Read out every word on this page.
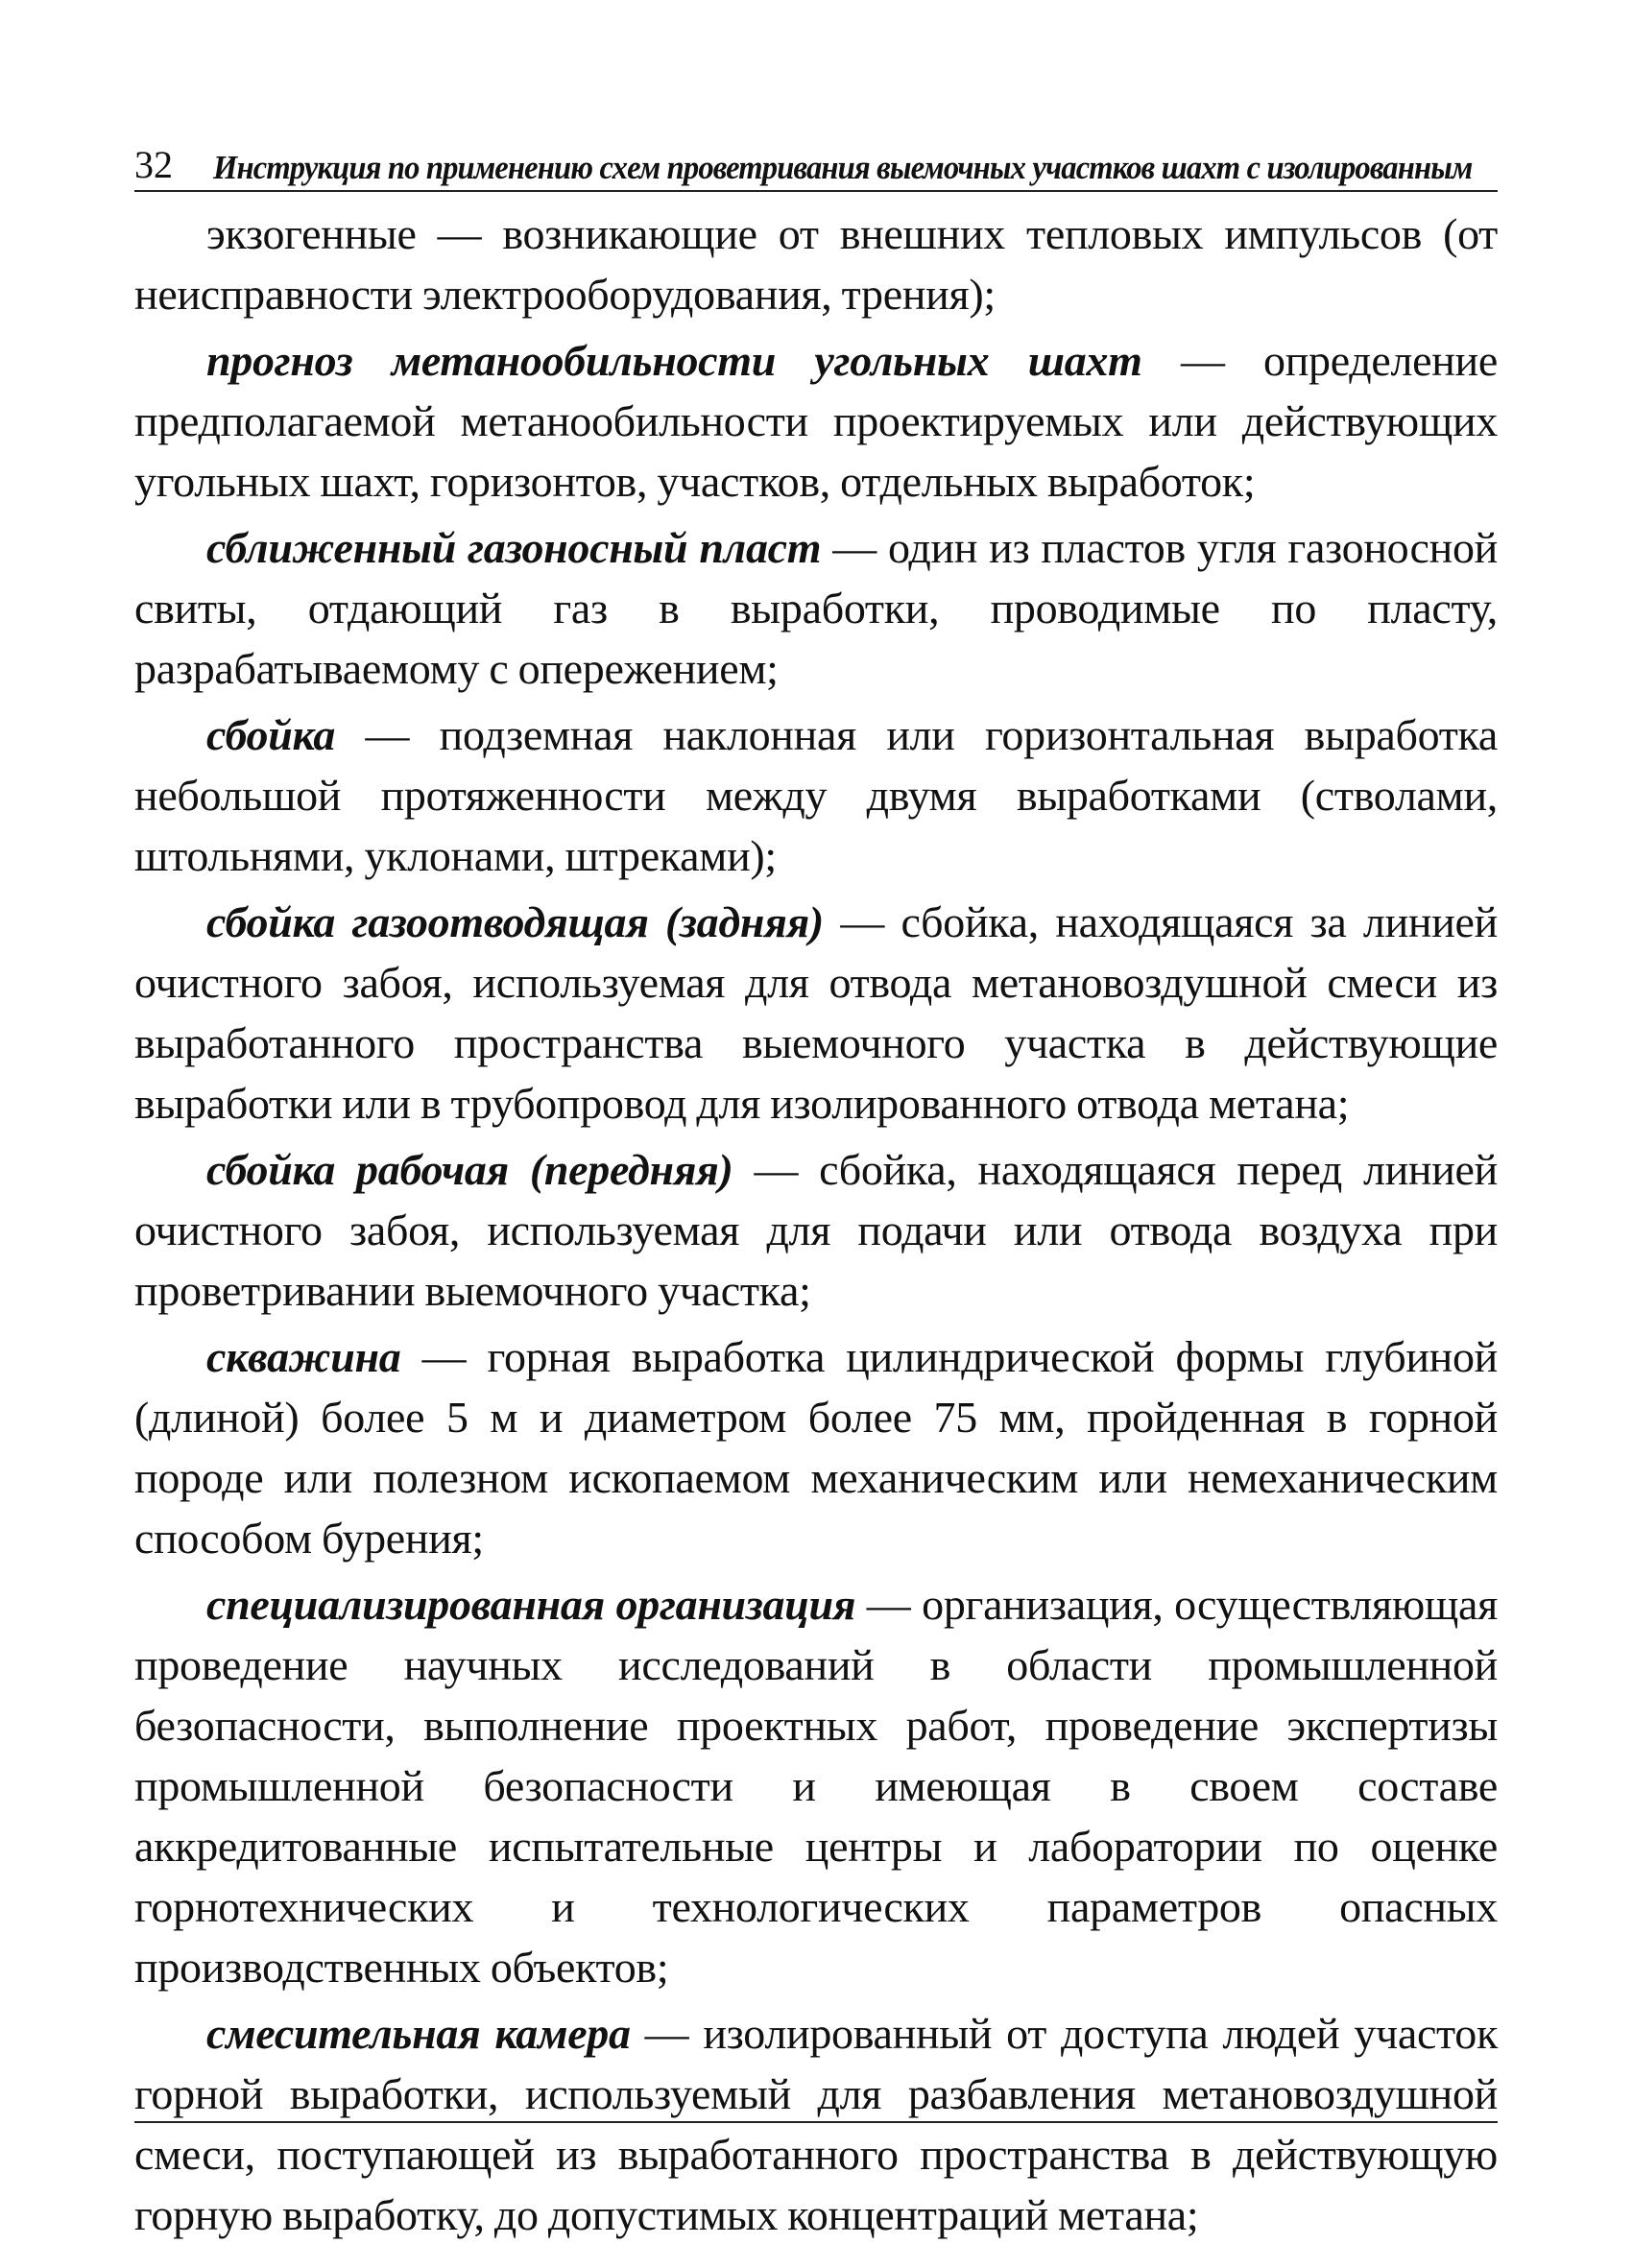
32 Инструкция по применению схем проветривания выемочных участков шахт с изолированным

экзогенные — возникающие от внешних тепловых импульсов (от неисправности электрооборудования, трения);

прогноз метанообильности угольных шахт — определение предполагаемой метанообильности проектируемых или действующих угольных шахт, горизонтов, участков, отдельных выработок;

сближенный газоносный пласт — один из пластов угля газоносной свиты, отдающий газ в выработки, проводимые по пласту, разрабатываемому с опережением;

сбойка — подземная наклонная или горизонтальная выработка небольшой протяженности между двумя выработками (стволами, штольнями, уклонами, штреками);

сбойка газоотводящая (задняя) — сбойка, находящаяся за линией очистного забоя, используемая для отвода метановоздушной смеси из выработанного пространства выемочного участка в действующие выработки или в трубопровод для изолированного отвода метана;

сбойка рабочая (передняя) — сбойка, находящаяся перед линией очистного забоя, используемая для подачи или отвода воздуха при проветривании выемочного участка;

скважина — горная выработка цилиндрической формы глубиной (длиной) более 5 м и диаметром более 75 мм, пройденная в горной породе или полезном ископаемом механическим или немеханическим способом бурения;

специализированная организация — организация, осуществляющая проведение научных исследований в области промышленной безопасности, выполнение проектных работ, проведение экспертизы промышленной безопасности и имеющая в своем составе аккредитованные испытательные центры и лаборатории по оценке горнотехнических и технологических параметров опасных производственных объектов;

смесительная камера — изолированный от доступа людей участок горной выработки, используемый для разбавления метановоздушной смеси, поступающей из выработанного пространства в действующую горную выработку, до допустимых концентраций метана;
